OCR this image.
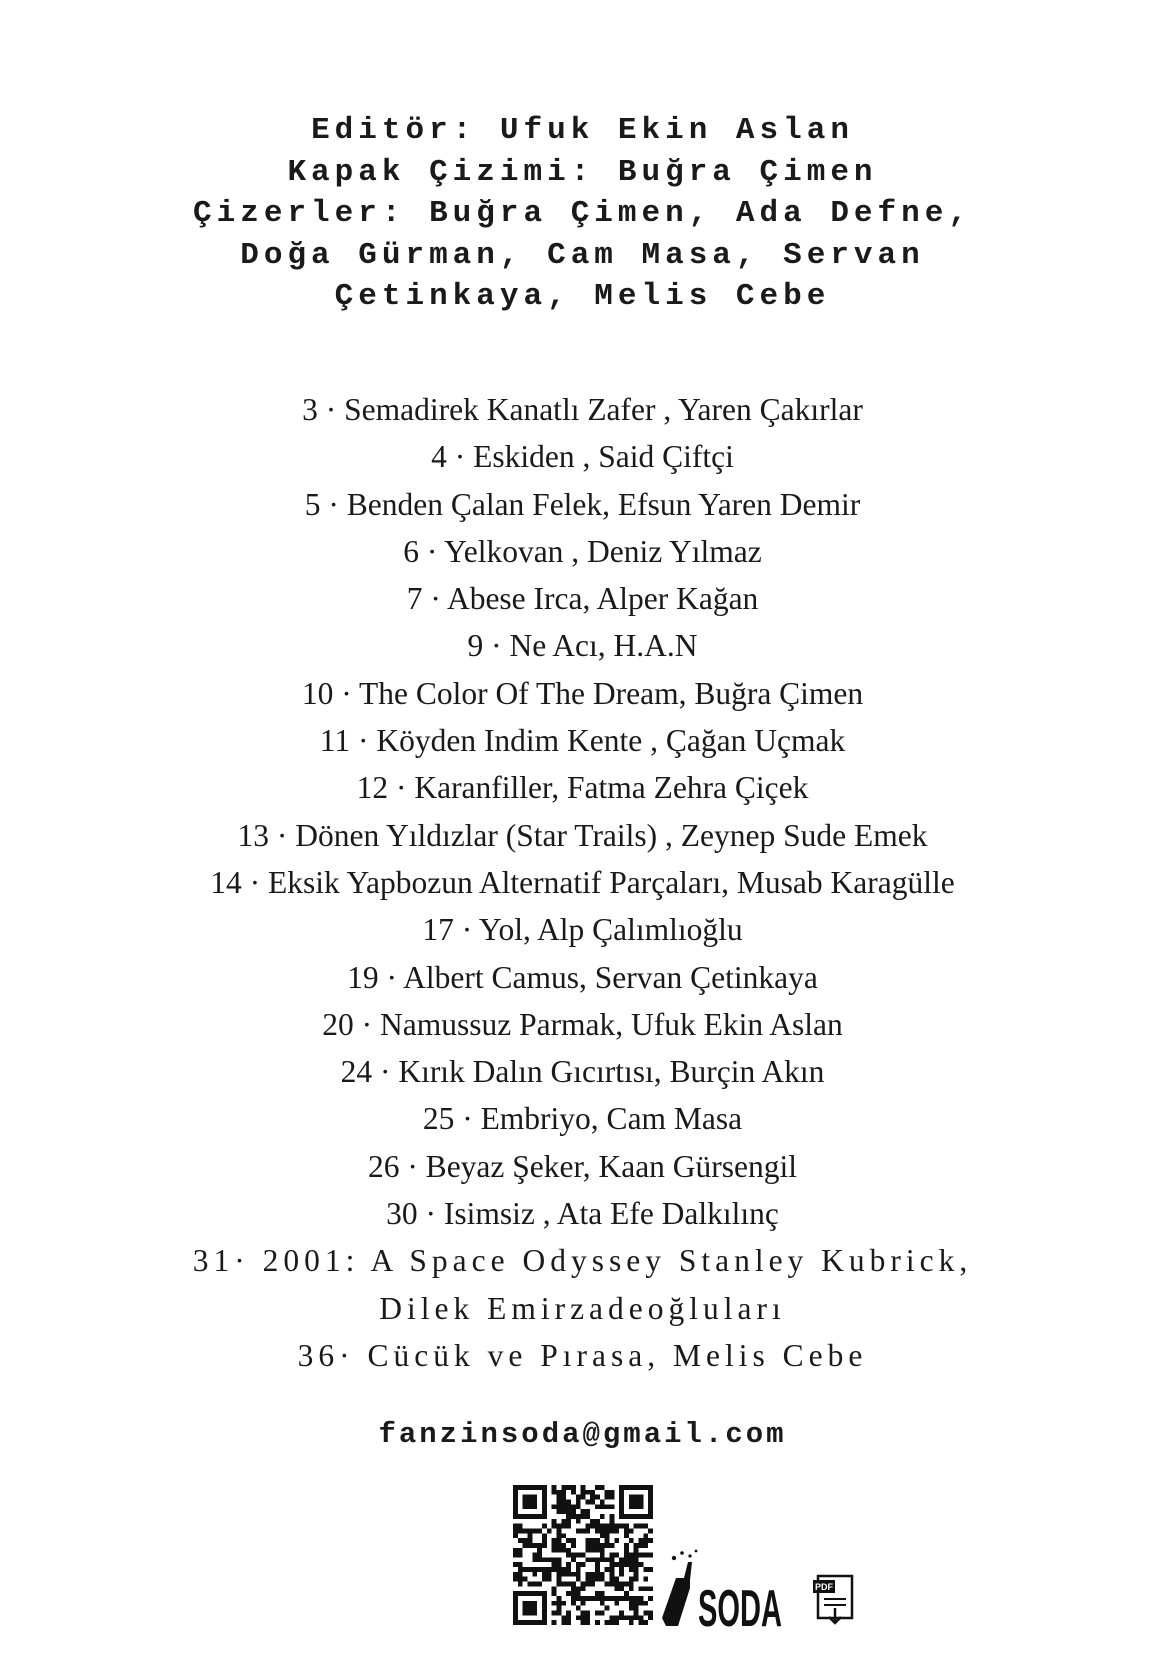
Editör: Ufuk Ekin Aslan
Kapak Çizimi: Buğra Çimen
Çizerler: Buğra Çimen, Ada Defne,
Doğa Gürman, Cam Masa, Servan
Çetinkaya, Melis Cebe
3 · Semadirek Kanatlı Zafer , Yaren Çakırlar
4 · Eskiden , Said Çiftçi
5 · Benden Çalan Felek, Efsun Yaren Demir
6 · Yelkovan , Deniz Yılmaz
7 · Abese Irca, Alper Kağan
9 · Ne Acı, H.A.N
10 · The Color Of The Dream, Buğra Çimen
11 · Köyden Indim Kente , Çağan Uçmak
12 · Karanfiller, Fatma Zehra Çiçek
13 · Dönen Yıldızlar (Star Trails) , Zeynep Sude Emek
14 · Eksik Yapbozun Alternatif Parçaları, Musab Karagülle
17 · Yol, Alp Çalımlıoğlu
19 · Albert Camus, Servan Çetinkaya
20 · Namussuz Parmak, Ufuk Ekin Aslan
24 · Kırık Dalın Gıcırtısı, Burçin Akın
25 · Embriyo, Cam Masa
26 · Beyaz Şeker, Kaan Gürsengil
30 · Isimsiz , Ata Efe Dalkılınç
31· 2001: A Space Odyssey Stanley Kubrick,
Dilek Emirzadeoğluları
36· Cücük ve Pırasa, Melis Cebe
fanzinsoda@gmail.com
SODA	PDF
